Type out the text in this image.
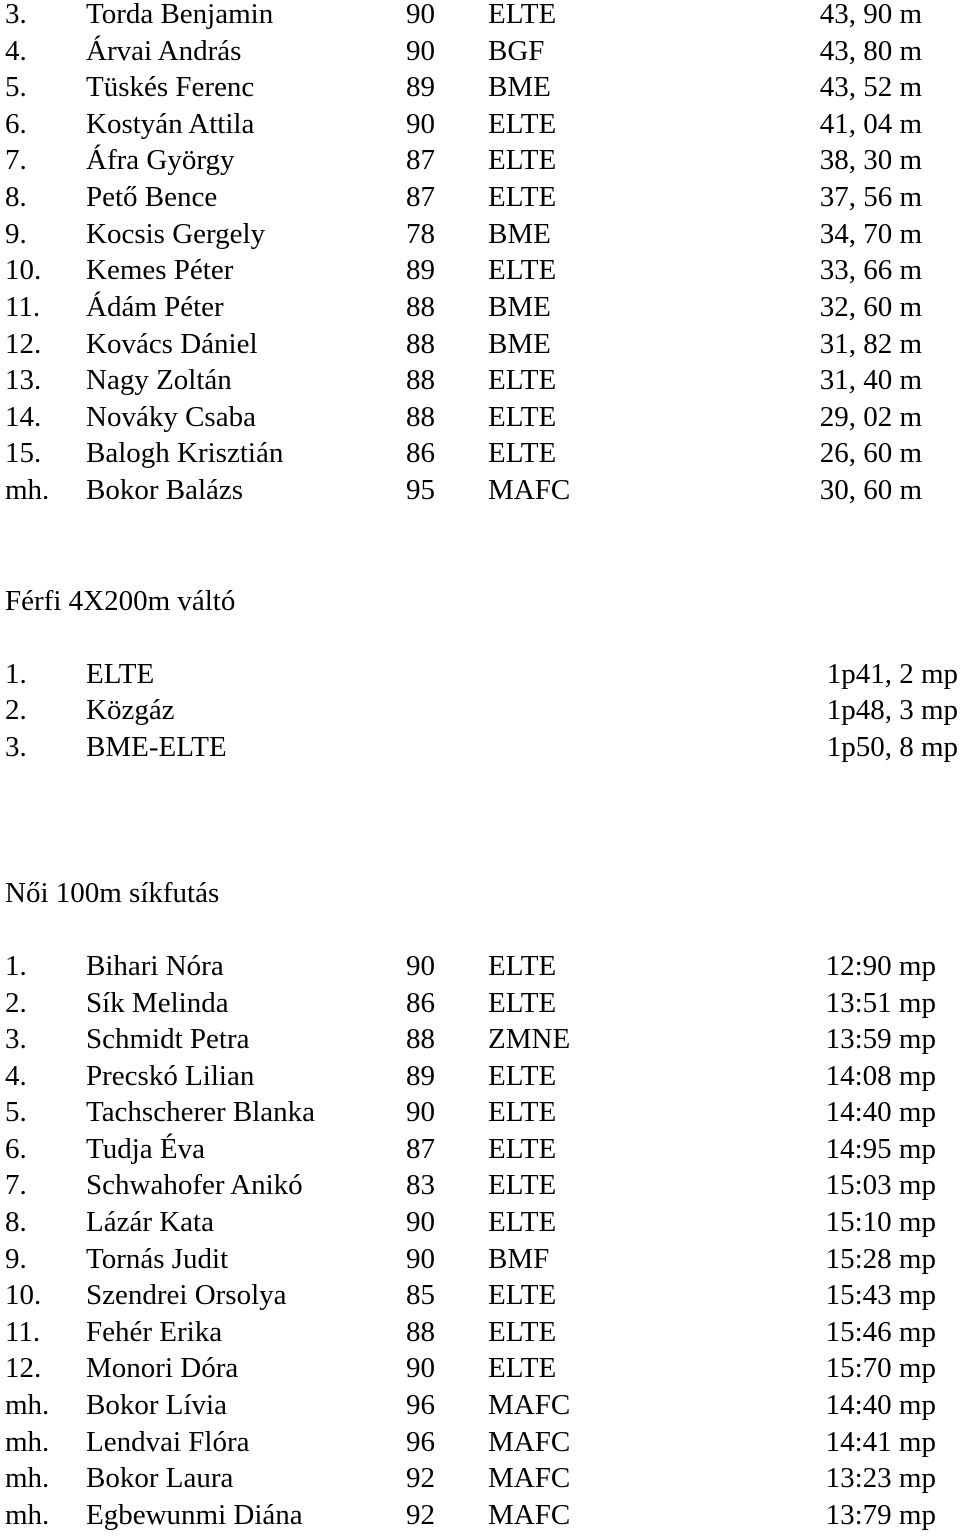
3. Torda Benjamin	90 ELTE	43, 90 m
4. Árvai András	90 BGF	43, 80 m
5. Tüskés Ferenc	89 BME	43, 52 m
6. Kostyán Attila	90 ELTE	41, 04 m
7. Áfra György	87 ELTE	38, 30 m
8. Pető Bence	87 ELTE	37, 56 m
9. Kocsis Gergely	78 BME	34, 70 m
10. Kemes Péter	89 ELTE	33, 66 m
11. Ádám Péter	88 BME	32, 60 m
12. Kovács Dániel	88 BME	31, 82 m
13. Nagy Zoltán	88 ELTE	31, 40 m
14. Nováky Csaba	88 ELTE	29, 02 m
15. Balogh Krisztián	86 ELTE	26, 60 m
mh. Bokor Balázs	95 MAFC	30, 60 m
Férfi 4X200m váltó
1. ELTE	1p41, 2 mp
2. Közgáz	1p48, 3 mp
3. BME-ELTE	1p50, 8 mp
Női 100m síkfutás
1. Bihari Nóra	90 ELTE	12:90 mp
2. Sík Melinda	86 ELTE	13:51 mp
3. Schmidt Petra	88 ZMNE	13:59 mp
4. Precskó Lilian	89 ELTE	14:08 mp
5. Tachscherer Blanka	90 ELTE	14:40 mp
6. Tudja Éva	87 ELTE	14:95 mp
7. Schwahofer Anikó	83 ELTE	15:03 mp
8. Lázár Kata	90 ELTE	15:10 mp
9. Tornás Judit	90 BMF	15:28 mp
10. Szendrei Orsolya	85 ELTE	15:43 mp
11. Fehér Erika	88 ELTE	15:46 mp
12. Monori Dóra	90 ELTE	15:70 mp
mh. Bokor Lívia	96 MAFC	14:40 mp
mh. Lendvai Flóra	96 MAFC	14:41 mp
mh. Bokor Laura	92 MAFC	13:23 mp
mh. Egbewunmi Diána	92 MAFC	13:79 mp
